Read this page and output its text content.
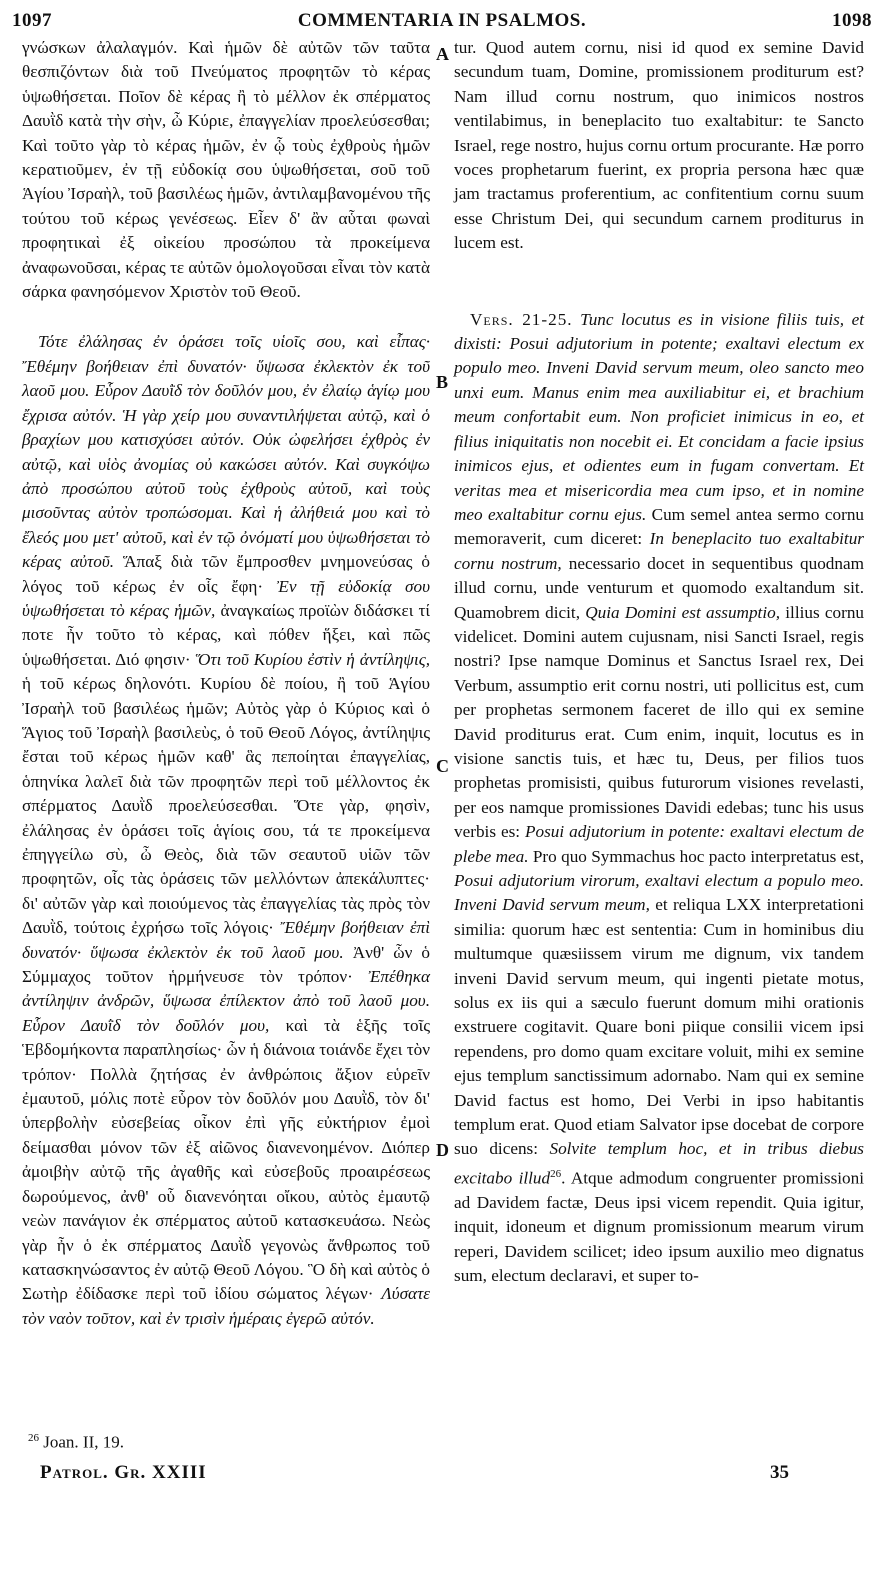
1097	COMMENTARIA IN PSALMOS.	1098

γνώσκων ἀλαλαγμόν. Καὶ ἡμῶν δὲ αὐτῶν τῶν ταῦτα θεσπιζόντων διὰ τοῦ Πνεύματος προφητῶν τὸ κέρας ὑψωθήσεται. Ποῖον δὲ κέρας ἢ τὸ μέλλον ἐκ σπέρματος Δαυῒδ κατὰ τὴν σὴν, ὦ Κύριε, ἐπαγγελίαν προελεύσεσθαι; Καὶ τοῦτο γὰρ τὸ κέρας ἡμῶν, ἐν ᾧ τοὺς ἐχθροὺς ἡμῶν κερατιοῦμεν, ἐν τῇ εὐδοκίᾳ σου ὑψωθήσεται, σοῦ τοῦ Ἁγίου Ἰσραὴλ, τοῦ βασιλέως ἡμῶν, ἀντιλαμβανομένου τῆς τούτου τοῦ κέρως γενέσεως. Εἶεν δ' ἂν αὗται φωναὶ προφητικαὶ ἐξ οἰκείου προσώπου τὰ προκείμενα ἀναφωνοῦσαι, κέρας τε αὐτῶν ὁμολογοῦσαι εἶναι τὸν κατὰ σάρκα φανησόμενον Χριστὸν τοῦ Θεοῦ.

Τότε ἐλάλησας ἐν ὁράσει τοῖς υἱοῖς σου, καὶ εἶπας· Ἔθέμην βοήθειαν ἐπὶ δυνατόν· ὕψωσα ἐκλεκτὸν ἐκ τοῦ λαοῦ μου. Εὗρον Δαυῒδ τὸν δοῦλόν μου, ἐν ἐλαίῳ ἁγίῳ μου ἔχρισα αὐτόν. Ἡ γὰρ χείρ μου συναντιλήψεται αὐτῷ, καὶ ὁ βραχίων μου κατισχύσει αὐτόν. Οὐκ ὠφελήσει ἐχθρὸς ἐν αὐτῷ, καὶ υἱὸς ἀνομίας οὐ κακώσει αὐτόν. Καὶ συγκόψω ἀπὸ προσώπου αὐτοῦ τοὺς ἐχθροὺς αὐτοῦ, καὶ τοὺς μισοῦντας αὐτὸν τροπώσομαι. Καὶ ἡ ἀλήθειά μου καὶ τὸ ἔλεός μου μετ' αὐτοῦ, καὶ ἐν τῷ ὀνόματί μου ὑψωθήσεται τὸ κέρας αὐτοῦ. Ἅπαξ διὰ τῶν ἔμπροσθεν μνημονεύσας ὁ λόγος τοῦ κέρως ἐν οἷς ἔφη· Ἐν τῇ εὐδοκίᾳ σου ὑψωθήσεται τὸ κέρας ἡμῶν, ἀναγκαίως προϊὼν διδάσκει τί ποτε ἦν τοῦτο τὸ κέρας, καὶ πόθεν ἥξει, καὶ πῶς ὑψωθήσεται. Διό φησιν· Ὅτι τοῦ Κυρίου ἐστὶν ἡ ἀντίληψις, ἡ τοῦ κέρως δηλονότι. Κυρίου δὲ ποίου, ἢ τοῦ Ἁγίου Ἰσραὴλ τοῦ βασιλέως ἡμῶν; Αὐτὸς γὰρ ὁ Κύριος καὶ ὁ Ἅγιος τοῦ Ἰσραὴλ βασιλεὺς, ὁ τοῦ Θεοῦ Λόγος, ἀντίληψις ἔσται τοῦ κέρως ἡμῶν καθ' ἃς πεποίηται ἐπαγγελίας, ὁπηνίκα λαλεῖ διὰ τῶν προφητῶν περὶ τοῦ μέλλοντος ἐκ σπέρματος Δαυῒδ προελεύσεσθαι. Ὅτε γὰρ, φησὶν, ἐλάλησας ἐν ὁράσει τοῖς ἁγίοις σου, τά τε προκείμενα ἐπηγγείλω σὺ, ὦ Θεὸς, διὰ τῶν σεαυτοῦ υἱῶν τῶν προφητῶν, οἷς τὰς ὁράσεις τῶν μελλόντων ἀπεκάλυπτες· δι' αὐτῶν γὰρ καὶ ποιούμενος τὰς ἐπαγγελίας τὰς πρὸς τὸν Δαυῒδ, τούτοις ἐχρήσω τοῖς λόγοις· Ἔθέμην βοήθειαν ἐπὶ δυνατόν· ὕψωσα ἐκλεκτὸν ἐκ τοῦ λαοῦ μου. Ἀνθ' ὧν ὁ Σύμμαχος τοῦτον ἡρμήνευσε τὸν τρόπον· Ἐπέθηκα ἀντίληψιν ἀνδρῶν, ὕψωσα ἐπίλεκτον ἀπὸ τοῦ λαοῦ μου. Εὗρον Δαυῒδ τὸν δοῦλόν μου, καὶ τὰ ἑξῆς τοῖς Ἑβδομήκοντα παραπλησίως· ὧν ἡ διάνοια τοιάνδε ἔχει τὸν τρόπον· Πολλὰ ζητήσας ἐν ἀνθρώποις ἄξιον εὑρεῖν ἐμαυτοῦ, μόλις ποτὲ εὗρον τὸν δοῦλόν μου Δαυῒδ, τὸν δι' ὑπερβολὴν εὐσεβείας οἶκον ἐπὶ γῆς εὐκτήριον ἐμοὶ δείμασθαι μόνον τῶν ἐξ αἰῶνος διανενοημένον. Διόπερ ἀμοιβὴν αὐτῷ τῆς ἀγαθῆς καὶ εὐσεβοῦς προαιρέσεως δωρούμενος, ἀνθ' οὗ διανενόηται οἴκου, αὐτὸς ἐμαυτῷ νεὼν πανάγιον ἐκ σπέρματος αὐτοῦ κατασκευάσω. Νεὼς γὰρ ἦν ὁ ἐκ σπέρματος Δαυῒδ γεγονὼς ἄνθρωπος τοῦ κατασκηνώσαντος ἐν αὐτῷ Θεοῦ Λόγου. Ὃ δὴ καὶ αὐτὸς ὁ Σωτὴρ ἐδίδασκε περὶ τοῦ ἰδίου σώματος λέγων· Λύσατε τὸν ναὸν τοῦτον, καὶ ἐν τρισὶν ἡμέραις ἐγερῶ αὐτόν.

A
B
C
D

tur. Quod autem cornu, nisi id quod ex semine David secundum tuam, Domine, promissionem proditurum est? Nam illud cornu nostrum, quo inimicos nostros ventilabimus, in beneplacito tuo exaltabitur: te Sancto Israel, rege nostro, hujus cornu ortum procurante. Hæ porro voces prophetarum fuerint, ex propria persona hæc quæ jam tractamus proferentium, ac confitentium cornu suum esse Christum Dei, qui secundum carnem proditurus in lucem est.

Vers. 21-25. Tunc locutus es in visione filiis tuis, et dixisti: Posui adjutorium in potente; exaltavi electum ex populo meo. Inveni David servum meum, oleo sancto meo unxi eum. Manus enim mea auxiliabitur ei, et brachium meum confortabit eum. Non proficiet inimicus in eo, et filius iniquitatis non nocebit ei. Et concidam a facie ipsius inimicos ejus, et odientes eum in fugam convertam. Et veritas mea et misericordia mea cum ipso, et in nomine meo exaltabitur cornu ejus. Cum semel antea sermo cornu memoraverit, cum diceret: In beneplacito tuo exaltabitur cornu nostrum, necessario docet in sequentibus quodnam illud cornu, unde venturum et quomodo exaltandum sit. Quamobrem dicit, Quia Domini est assumptio, illius cornu videlicet. Domini autem cujusnam, nisi Sancti Israel, regis nostri? Ipse namque Dominus et Sanctus Israel rex, Dei Verbum, assumptio erit cornu nostri, uti pollicitus est, cum per prophetas sermonem faceret de illo qui ex semine David proditurus erat. Cum enim, inquit, locutus es in visione sanctis tuis, et hæc tu, Deus, per filios tuos prophetas promisisti, quibus futurorum visiones revelasti, per eos namque promissiones Davidi edebas; tunc his usus verbis es: Posui adjutorium in potente: exaltavi electum de plebe mea. Pro quo Symmachus hoc pacto interpretatus est, Posui adjutorium virorum, exaltavi electum a populo meo. Inveni David servum meum, et reliqua LXX interpretationi similia: quorum hæc est sententia: Cum in hominibus diu multumque quæsiissem virum me dignum, vix tandem inveni David servum meum, qui ingenti pietate motus, solus ex iis qui a sæculo fuerunt domum mihi orationis exstruere cogitavit. Quare boni piique consilii vicem ipsi rependens, pro domo quam excitare voluit, mihi ex semine ejus templum sanctissimum adornabo. Nam qui ex semine David factus est homo, Dei Verbi in ipso habitantis templum erat. Quod etiam Salvator ipse docebat de corpore suo dicens: Solvite templum hoc, et in tribus diebus excitabo illud$^{26}$. Atque admodum congruenter promissioni ad Davidem factæ, Deus ipsi vicem rependit. Quia igitur, inquit, idoneum et dignum promissionum mearum virum reperi, Davidem scilicet; ideo ipsum auxilio meo dignatus sum, electum declaravi, et super to-

$^{26}$ Joan. II, 19.
Patrol. Gr. XXIII	35
